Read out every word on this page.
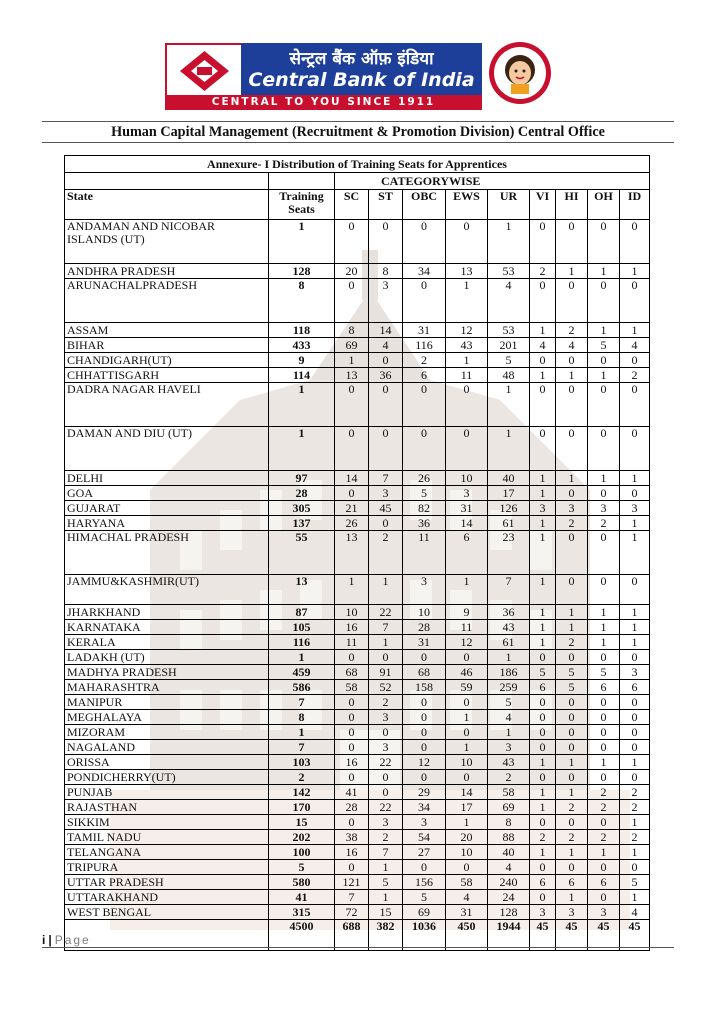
सेन्ट्रल बैंक ऑफ़ इंडिया
Central Bank of India
CENTRAL TO YOU SINCE 1911
Human Capital Management (Recruitment & Promotion Division) Central Office
Annexure- I Distribution of Training Seats for Apprentices										
		CATEGORYWISE								
State	Training Seats	SC	ST	OBC	EWS	UR	VI	HI	OH	ID
ANDAMAN AND NICOBAR ISLANDS (UT)	1	0	0	0	0	1	0	0	0	0
ANDHRA PRADESH	128	20	8	34	13	53	2	1	1	1
ARUNACHALPRADESH	8	0	3	0	1	4	0	0	0	0
ASSAM	118	8	14	31	12	53	1	2	1	1
BIHAR	433	69	4	116	43	201	4	4	5	4
CHANDIGARH(UT)	9	1	0	2	1	5	0	0	0	0
CHHATTISGARH	114	13	36	6	11	48	1	1	1	2
DADRA NAGAR HAVELI	1	0	0	0	0	1	0	0	0	0
DAMAN AND DIU (UT)	1	0	0	0	0	1	0	0	0	0
DELHI	97	14	7	26	10	40	1	1	1	1
GOA	28	0	3	5	3	17	1	0	0	0
GUJARAT	305	21	45	82	31	126	3	3	3	3
HARYANA	137	26	0	36	14	61	1	2	2	1
HIMACHAL PRADESH	55	13	2	11	6	23	1	0	0	1
JAMMU&KASHMIR(UT)	13	1	1	3	1	7	1	0	0	0
JHARKHAND	87	10	22	10	9	36	1	1	1	1
KARNATAKA	105	16	7	28	11	43	1	1	1	1
KERALA	116	11	1	31	12	61	1	2	1	1
LADAKH (UT)	1	0	0	0	0	1	0	0	0	0
MADHYA PRADESH	459	68	91	68	46	186	5	5	5	3
MAHARASHTRA	586	58	52	158	59	259	6	5	6	6
MANIPUR	7	0	2	0	0	5	0	0	0	0
MEGHALAYA	8	0	3	0	1	4	0	0	0	0
MIZORAM	1	0	0	0	0	1	0	0	0	0
NAGALAND	7	0	3	0	1	3	0	0	0	0
ORISSA	103	16	22	12	10	43	1	1	1	1
PONDICHERRY(UT)	2	0	0	0	0	2	0	0	0	0
PUNJAB	142	41	0	29	14	58	1	1	2	2
RAJASTHAN	170	28	22	34	17	69	1	2	2	2
SIKKIM	15	0	3	3	1	8	0	0	0	1
TAMIL NADU	202	38	2	54	20	88	2	2	2	2
TELANGANA	100	16	7	27	10	40	1	1	1	1
TRIPURA	5	0	1	0	0	4	0	0	0	0
UTTAR PRADESH	580	121	5	156	58	240	6	6	6	5
UTTARAKHAND	41	7	1	5	4	24	0	1	0	1
WEST BENGAL	315	72	15	69	31	128	3	3	3	4
	4500	688	382	1036	450	1944	45	45	45	45
i | Page
